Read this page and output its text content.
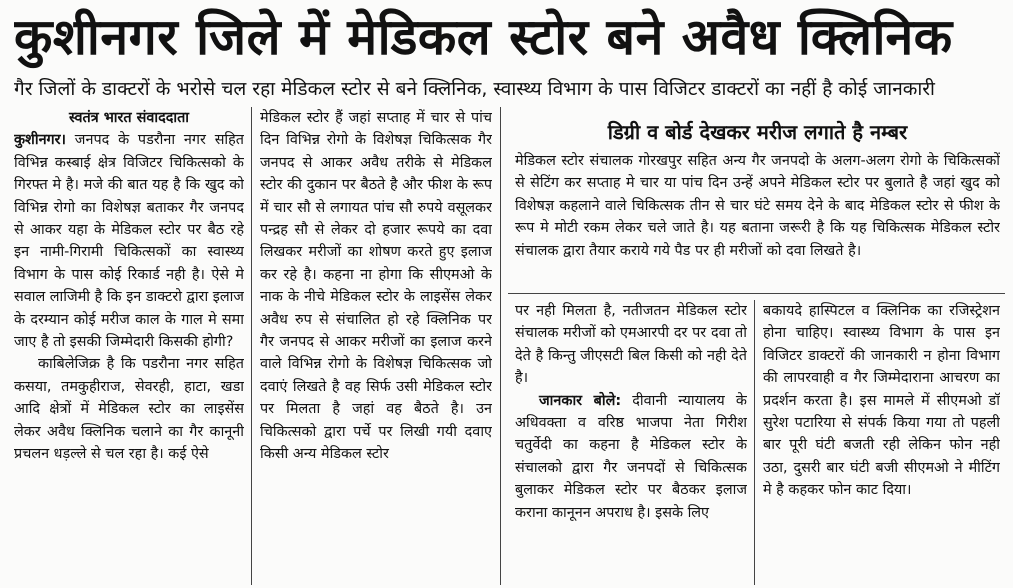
कुशीनगर जिले में मेडिकल स्टोर बने अवैध क्लिनिक
गैर जिलों के डाक्टरों के भरोसे चल रहा मेडिकल स्टोर से बने क्लिनिक, स्वास्थ्य विभाग के पास विजिटर डाक्टरों का नहीं है कोई जानकारी

स्वतंत्र भारत संवाददाता

कुशीनगर। जनपद के पडरौना नगर सहित विभिन्न कस्बाई क्षेत्र विजिटर चिकित्सको के गिरफ्त मे है। मजे की बात यह है कि खुद को विभिन्न रोगो का विशेषज्ञ बताकर गैर जनपद से आकर यहा के मेडिकल स्टोर पर बैठ रहे इन नामी-गिरामी चिकित्सकों का स्वास्थ्य विभाग के पास कोई रिकार्ड नही है। ऐसे मे सवाल लाजिमी है कि इन डाक्टरो द्वारा इलाज के दरम्यान कोई मरीज काल के गाल मे समा जाए है तो इसकी जिम्मेदारी किसकी होगी?

काबिलेजिक्र है कि पडरौना नगर सहित कसया, तमकुहीराज, सेवरही, हाटा, खडा आदि क्षेत्रों में मेडिकल स्टोर का लाइसेंस लेकर अवैध क्लिनिक चलाने का गैर कानूनी प्रचलन धड़ल्ले से चल रहा है। कई ऐसे

मेडिकल स्टोर हैं जहां सप्ताह में चार से पांच दिन विभिन्न रोगो के विशेषज्ञ चिकित्सक गैर जनपद से आकर अवैध तरीके से मेडिकल स्टोर की दुकान पर बैठते है और फीश के रूप में चार सौ से लगायत पांच सौ रुपये वसूलकर पन्द्रह सौ से लेकर दो हजार रूपये का दवा लिखकर मरीजों का शोषण करते हुए इलाज कर रहे है। कहना ना होगा कि सीएमओ के नाक के नीचे मेडिकल स्टोर के लाइसेंस लेकर अवैध रुप से संचालित हो रहे क्लिनिक पर गैर जनपद से आकर मरीजों का इलाज करने वाले विभिन्न रोगो के विशेषज्ञ चिकित्सक जो दवाएं लिखते है वह सिर्फ उसी मेडिकल स्टोर पर मिलता है जहां वह बैठते है। उन चिकित्सको द्वारा पर्चे पर लिखी गयी दवाए किसी अन्य मेडिकल स्टोर

डिग्री व बोर्ड देखकर मरीज लगाते है नम्बर

मेडिकल स्टोर संचालक गोरखपुर सहित अन्य गैर जनपदो के अलग-अलग रोगो के चिकित्सकों से सेटिंग कर सप्ताह मे चार या पांच दिन उन्हें अपने मेडिकल स्टोर पर बुलाते है जहां खुद को विशेषज्ञ कहलाने वाले चिकित्सक तीन से चार घंटे समय देने के बाद मेडिकल स्टोर से फीश के रूप मे मोटी रकम लेकर चले जाते है। यह बताना जरूरी है कि यह चिकित्सक मेडिकल स्टोर संचालक द्वारा तैयार कराये गये पैड पर ही मरीजों को दवा लिखते है।

पर नही मिलता है, नतीजतन मेडिकल स्टोर संचालक मरीजों को एमआरपी दर पर दवा तो देते है किन्तु जीएसटी बिल किसी को नही देते है।

जानकार बोले: दीवानी न्यायालय के अधिवक्ता व वरिष्ठ भाजपा नेता गिरीश चतुर्वेदी का कहना है मेडिकल स्टोर के संचालको द्वारा गैर जनपदों से चिकित्सक बुलाकर मेडिकल स्टोर पर बैठकर इलाज कराना कानूनन अपराध है। इसके लिए

बकायदे हास्पिटल व क्लिनिक का रजिस्ट्रेशन होना चाहिए। स्वास्थ्य विभाग के पास इन विजिटर डाक्टरों की जानकारी न होना विभाग की लापरवाही व गैर जिम्मेदाराना आचरण का प्रदर्शन करता है। इस मामले में सीएमओ डॉ सुरेश पटारिया से संपर्क किया गया तो पहली बार पूरी घंटी बजती रही लेकिन फोन नही उठा, दुसरी बार घंटी बजी सीएमओ ने मीटिंग मे है कहकर फोन काट दिया।
